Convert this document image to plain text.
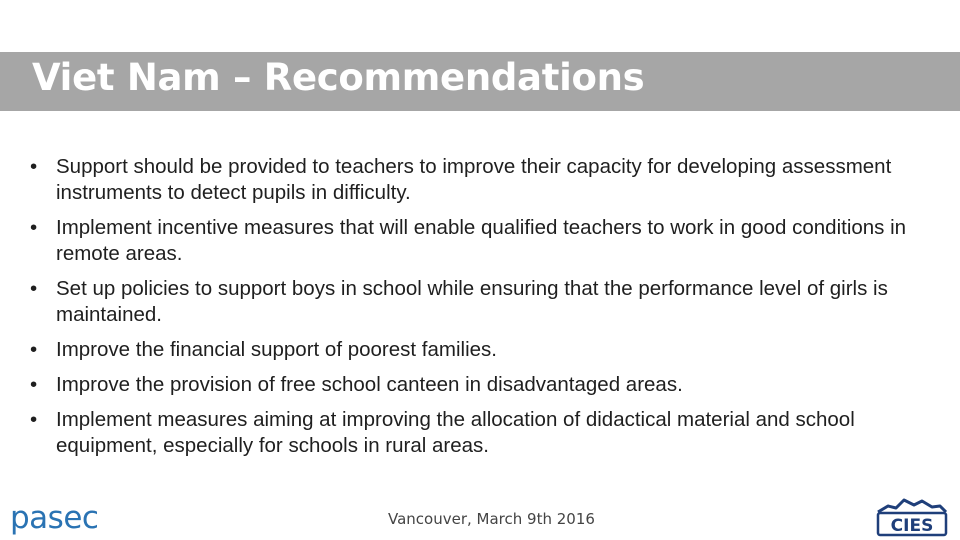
Viet Nam – Recommendations
• Support should be provided to teachers to improve their capacity for developing assessment instruments to detect pupils in difficulty.
• Implement incentive measures that will enable qualified teachers to work in good conditions in remote areas.
• Set up policies to support boys in school while ensuring that the performance level of girls is maintained.
• Improve the financial support of poorest families.
• Improve the provision of free school canteen in disadvantaged areas.
• Implement measures aiming at improving the allocation of didactical material and school equipment, especially for schools in rural areas.
pasec	Vancouver, March 9th 2016	CIES
